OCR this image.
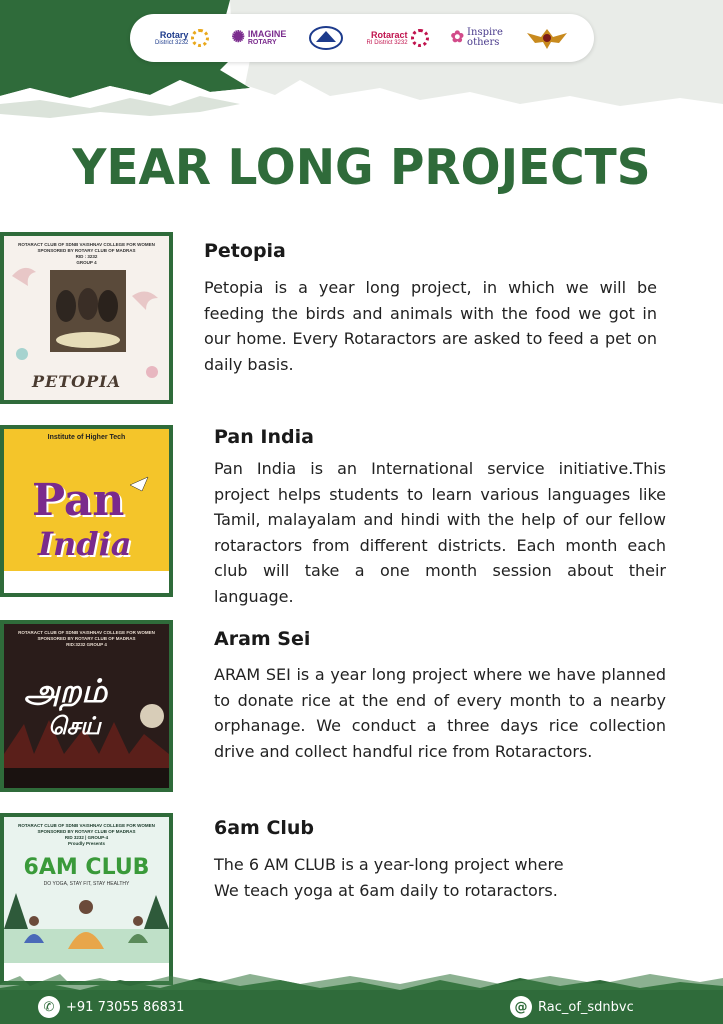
Rotary
District 3232	✺ IMAGINE
ROTARY
Rotaract
RI District 3232	✿ Inspire
others
YEAR LONG PROJECTS
ROTARACT CLUB OF SDNB VAISHNAV COLLEGE FOR WOMEN
SPONSORED BY ROTARY CLUB OF MADRAS
RID : 3232
GROUP 4
PETOPIA
Petopia
Petopia is a year long project, in which we will be feeding the birds and animals with the food we got in our home. Every Rotaractors are asked to feed a pet on daily basis.
Institute of Higher Tech
Pan
India
Pan India
Pan India is an International service initiative.This project helps students to learn various languages like Tamil, malayalam and hindi with the help of our fellow rotaractors from different districts. Each month each club will take a one month session about their language.
ROTARACT CLUB OF SDNB VAISHNAV COLLEGE FOR WOMEN
SPONSORED BY ROTARY CLUB OF MADRAS
RID:3232 GROUP 4
அறம்
செய்
Aram Sei
ARAM SEI is a year long project where we have planned to donate rice at the end of every month to a nearby orphanage. We conduct a three days rice collection drive and collect handful rice from Rotaractors.
ROTARACT CLUB OF SDNB VAISHNAV COLLEGE FOR WOMEN
SPONSORED BY ROTARY CLUB OF MADRAS
RID 3232 | GROUP-4
Proudly Presents
6AM CLUB
DO YOGA, STAY FIT, STAY HEALTHY
6am Club
The 6 AM CLUB is a year-long project where
We teach yoga at 6am daily to rotaractors.
✆ +91 73055 86831	@ Rac_of_sdnbvc
